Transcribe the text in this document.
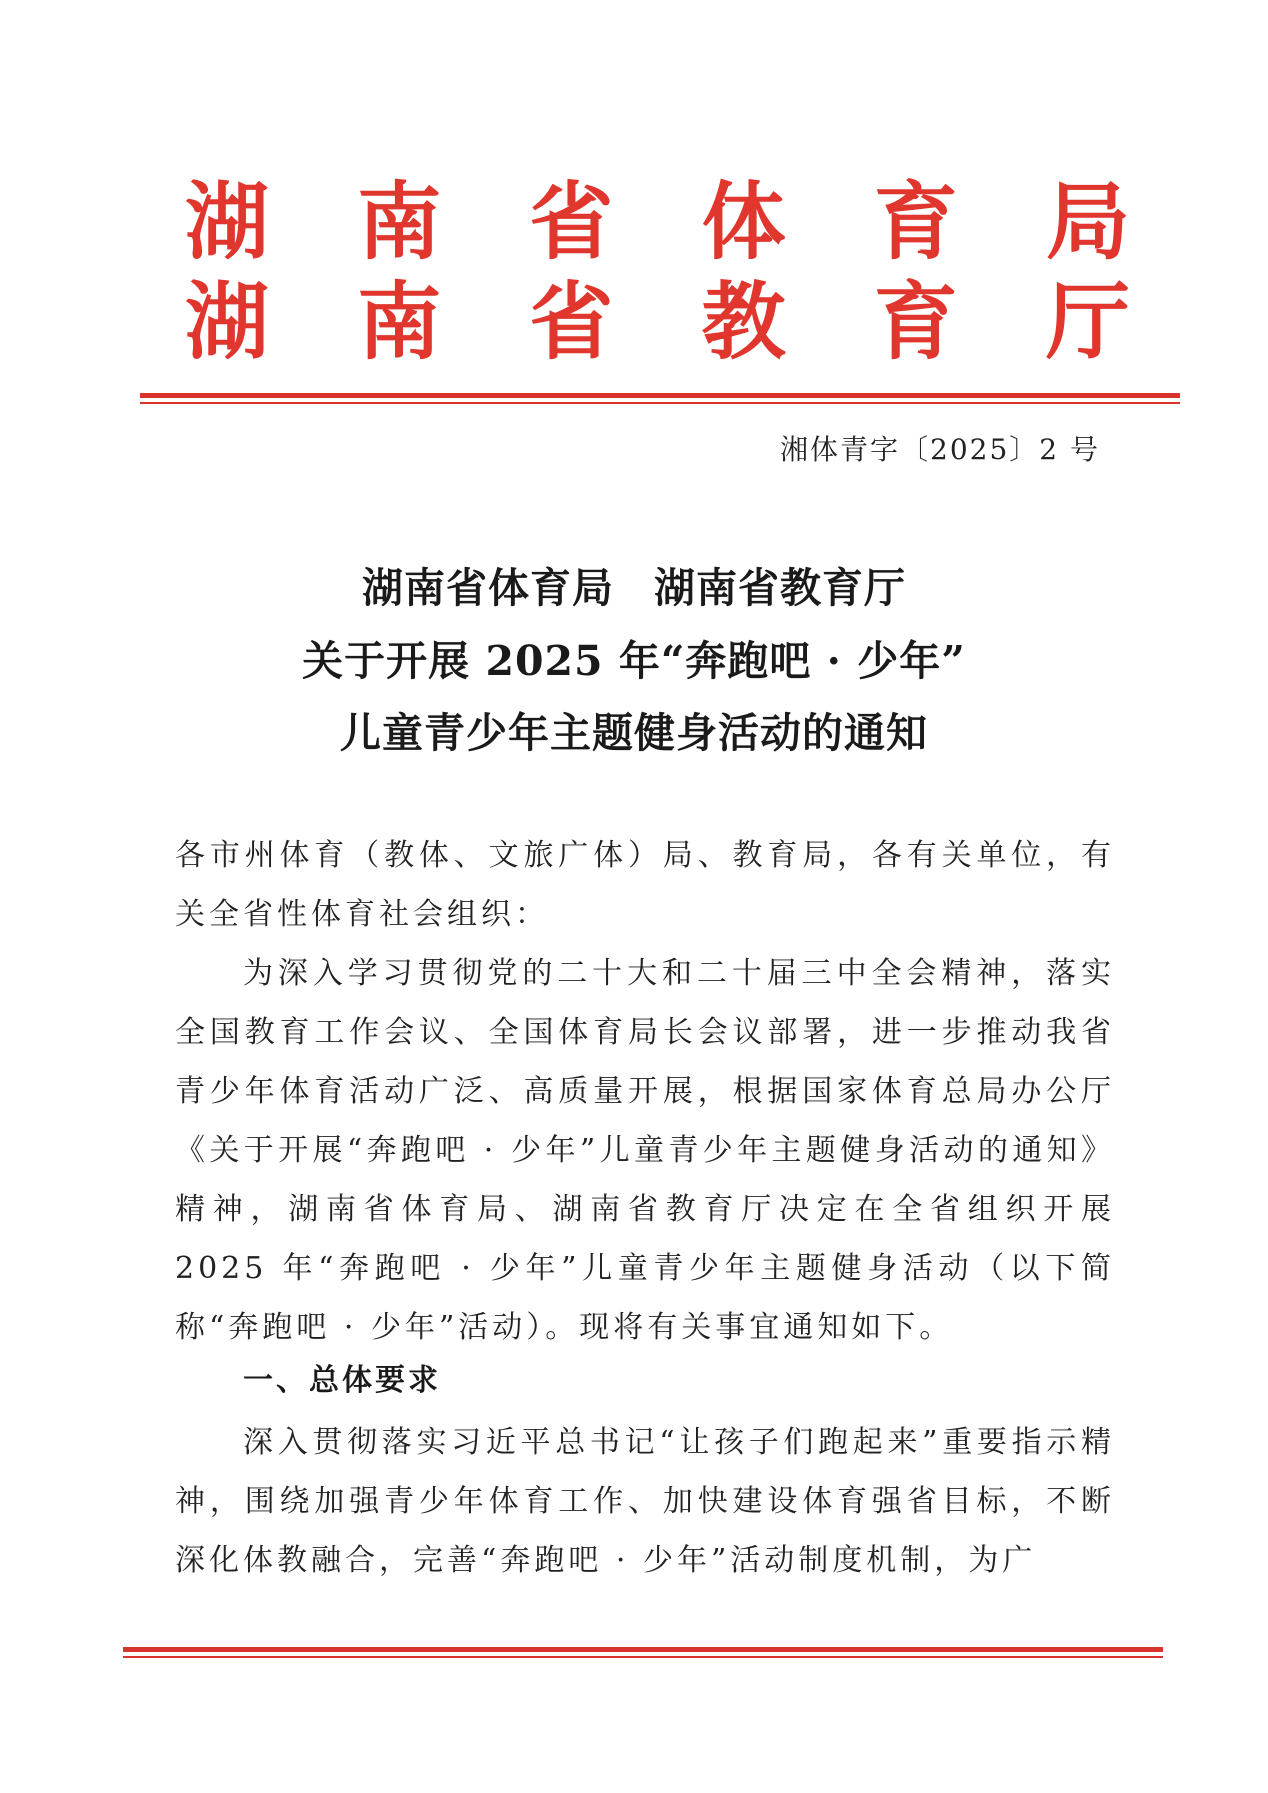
湖 南 省 体 育 局
湖 南 省 教 育 厅
湘体青字〔2025〕2 号
湖南省体育局 湖南省教育厅
关于开展 2025 年“奔跑吧 · 少年”
儿童青少年主题健身活动的通知
各市州体育（教体、文旅广体）局、教育局，各有关单位，有关全省性体育社会组织：
为深入学习贯彻党的二十大和二十届三中全会精神，落实全国教育工作会议、全国体育局长会议部署，进一步推动我省青少年体育活动广泛、高质量开展，根据国家体育总局办公厅《关于开展“奔跑吧 · 少年”儿童青少年主题健身活动的通知》精神，湖南省体育局、湖南省教育厅决定在全省组织开展 2025 年“奔跑吧 · 少年”儿童青少年主题健身活动（以下简称“奔跑吧 · 少年”活动）。现将有关事宜通知如下。
一、总体要求
深入贯彻落实习近平总书记“让孩子们跑起来”重要指示精神，围绕加强青少年体育工作、加快建设体育强省目标，不断深化体教融合，完善“奔跑吧 · 少年”活动制度机制，为广
